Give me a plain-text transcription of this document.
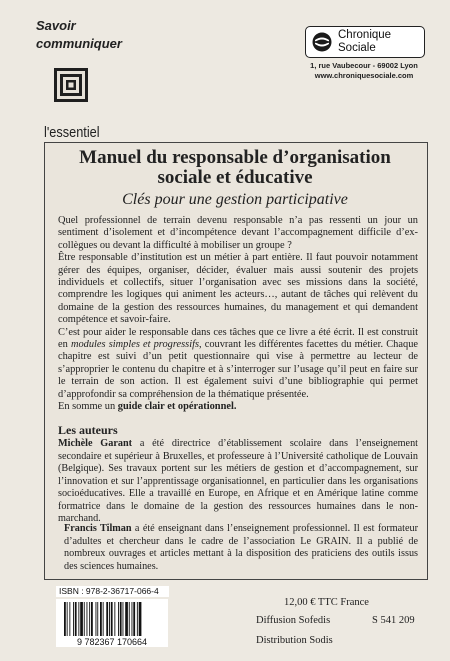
Savoir
communiquer
l'essentiel
Chronique
Sociale
1, rue Vaubecour - 69002 Lyon
www.chroniquesociale.com
Manuel du responsable d’organisation
sociale et éducative
Clés pour une gestion participative

Quel professionnel de terrain devenu responsable n’a pas ressenti un jour un sentiment d’isolement et d’incompétence devant l’accompagnement difficile d’ex-collègues ou devant la difficulté à mobiliser un groupe ?

Être responsable d’institution est un métier à part entière. Il faut pouvoir notamment gérer des équipes, organiser, décider, évaluer mais aussi soutenir des projets individuels et collectifs, situer l’organisation avec ses missions dans la société, comprendre les logiques qui animent les acteurs…, autant de tâches qui relèvent du domaine de la gestion des ressources humaines, du management et qui demandent compétence et savoir-faire.

C’est pour aider le responsable dans ces tâches que ce livre a été écrit. Il est construit en modules simples et progressifs, couvrant les différentes facettes du métier. Chaque chapitre est suivi d’un petit questionnaire qui vise à permettre au lecteur de s’approprier le contenu du chapitre et à s’interroger sur l’usage qu’il peut en faire sur le terrain de son action. Il est également suivi d’une bibliographie qui permet d’approfondir sa compréhension de la thématique présentée.

En somme un guide clair et opérationnel.

Les auteurs
Michèle Garant a été directrice d’établissement scolaire dans l’enseignement secondaire et supérieur à Bruxelles, et professeure à l’Université catholique de Louvain (Belgique). Ses travaux portent sur les métiers de gestion et d’accompagnement, sur l’innovation et sur l’apprentissage organisationnel, en particulier dans les organisations socioéducatives. Elle a travaillé en Europe, en Afrique et en Amérique latine comme formatrice dans le domaine de la gestion des ressources humaines dans le non-marchand.
Francis Tilman a été enseignant dans l’enseignement professionnel. Il est formateur d’adultes et chercheur dans le cadre de l’association Le GRAIN. Il a publié de nombreux ouvrages et articles mettant à la disposition des praticiens des outils issus des sciences humaines.
ISBN : 978-2-36717-066-4
9 782367 170664
12,00 € TTC France
Diffusion Sofedis	S 541 209
Distribution Sodis
